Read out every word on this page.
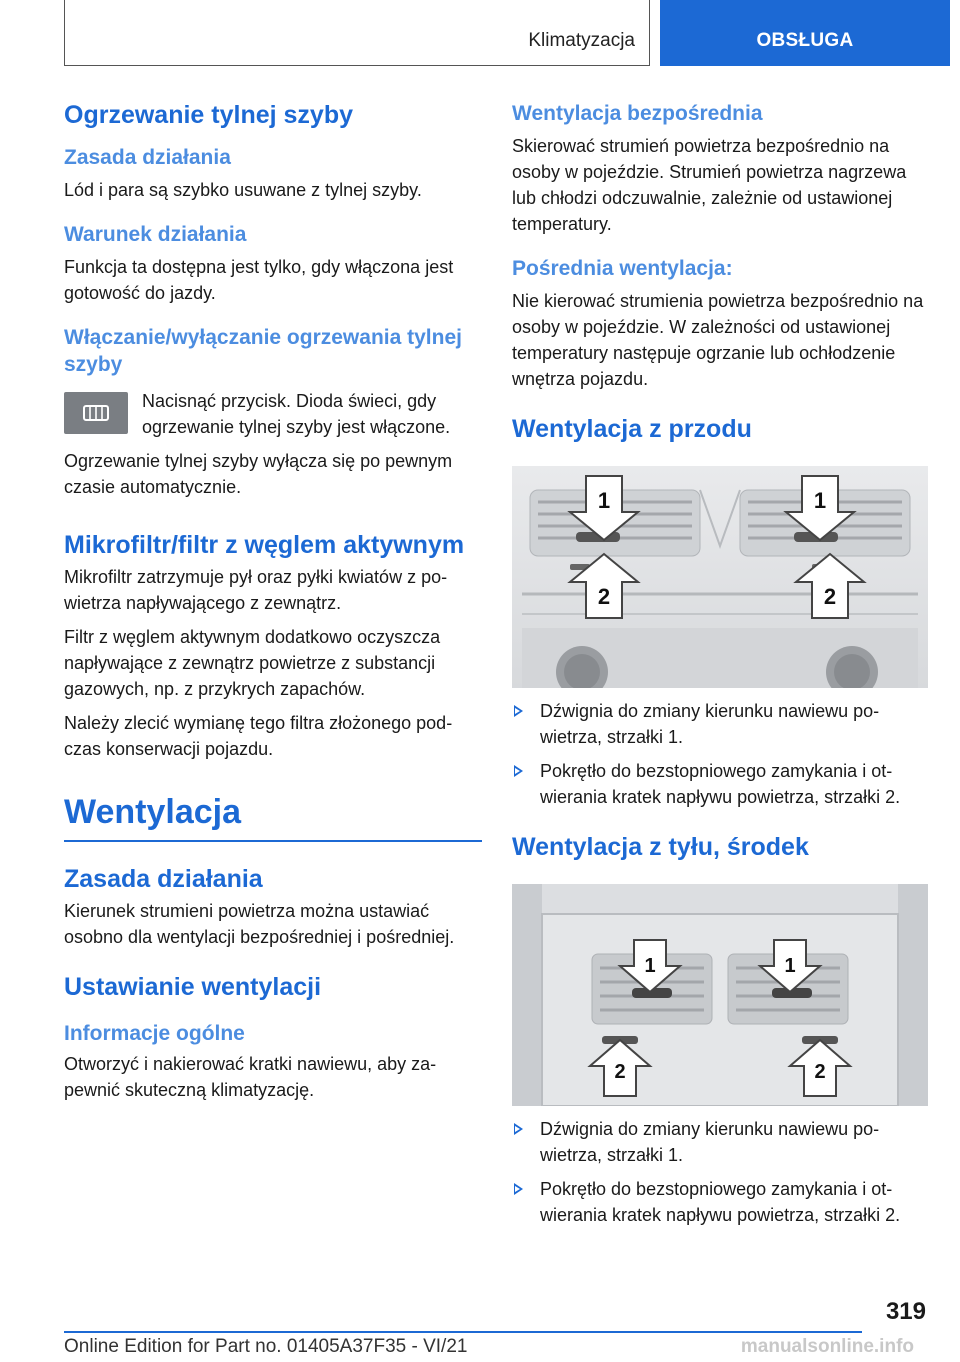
Klimatyzacja	OBSŁUGA
Ogrzewanie tylnej szyby
Zasada działania

Lód i para są szybko usuwane z tylnej szyby.

Warunek działania

Funkcja ta dostępna jest tylko, gdy włączona jest gotowość do jazdy.

Włączanie/wyłączanie ogrzewania tylnej szyby

Nacisnąć przycisk. Dioda świeci, gdy ogrzewanie tylnej szyby jest włączone.

Ogrzewanie tylnej szyby wyłącza się po pewnym czasie automatycznie.

Mikrofiltr/filtr z węglem aktywnym

Mikrofiltr zatrzymuje pył oraz pyłki kwiatów z powietrza napływającego z zewnątrz.

Filtr z węglem aktywnym dodatkowo oczyszcza napływające z zewnątrz powietrze z substancji gazowych, np. z przykrych zapachów.

Należy zlecić wymianę tego filtra złożonego podczas konserwacji pojazdu.

Wentylacja
Zasada działania

Kierunek strumieni powietrza można ustawiać osobno dla wentylacji bezpośredniej i pośredniej.

Ustawianie wentylacji
Informacje ogólne

Otworzyć i nakierować kratki nawiewu, aby zapewnić skuteczną klimatyzację.

Wentylacja bezpośrednia

Skierować strumień powietrza bezpośrednio na osoby w pojeździe. Strumień powietrza nagrzewa lub chłodzi odczuwalnie, zależnie od ustawionej temperatury.

Pośrednia wentylacja:

Nie kierować strumienia powietrza bezpośrednio na osoby w pojeździe. W zależności od ustawionej temperatury następuje ogrzanie lub ochłodzenie wnętrza pojazdu.

Wentylacja z przodu
1	1
2	2
Dźwignia do zmiany kierunku nawiewu powietrza, strzałki 1.
Pokrętło do bezstopniowego zamykania i otwierania kratek napływu powietrza, strzałki 2.
Wentylacja z tyłu, środek
1	1
2	2
Dźwignia do zmiany kierunku nawiewu powietrza, strzałki 1.
Pokrętło do bezstopniowego zamykania i otwierania kratek napływu powietrza, strzałki 2.
319
Online Edition for Part no. 01405A37F35 - VI/21	manualsonline.info
